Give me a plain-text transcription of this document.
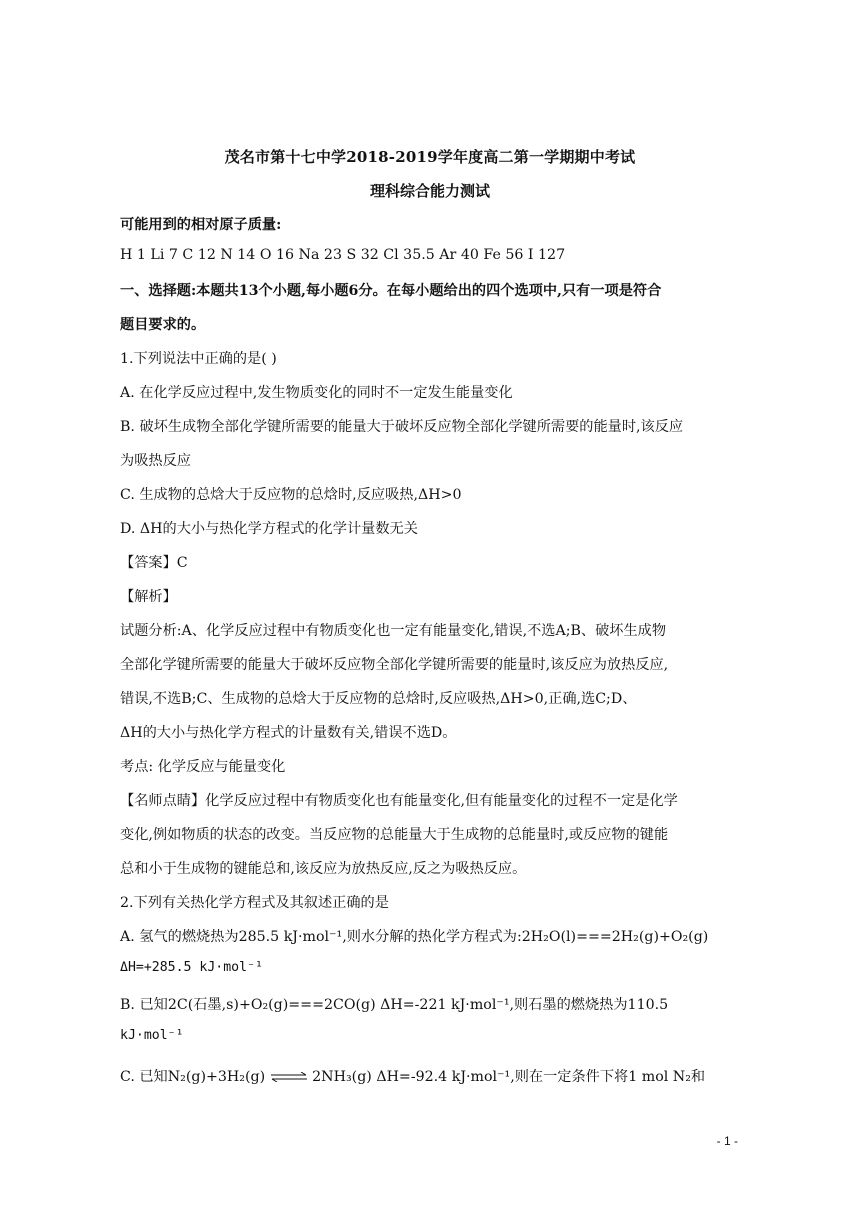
茂名市第十七中学2018-2019学年度高二第一学期期中考试
理科综合能力测试
可能用到的相对原子质量:
H 1 Li 7 C 12 N 14 O 16 Na 23 S 32 Cl 35.5 Ar 40 Fe 56 I 127
一、选择题:本题共13个小题,每小题6分。在每小题给出的四个选项中,只有一项是符合
题目要求的。
1.下列说法中正确的是( )
A. 在化学反应过程中,发生物质变化的同时不一定发生能量变化
B. 破坏生成物全部化学键所需要的能量大于破坏反应物全部化学键所需要的能量时,该反应
为吸热反应
C. 生成物的总焓大于反应物的总焓时,反应吸热,ΔH>0
D. ΔH的大小与热化学方程式的化学计量数无关
【答案】C
【解析】
试题分析:A、化学反应过程中有物质变化也一定有能量变化,错误,不选A;B、破坏生成物
全部化学键所需要的能量大于破坏反应物全部化学键所需要的能量时,该反应为放热反应,
错误,不选B;C、生成物的总焓大于反应物的总焓时,反应吸热,ΔH>0,正确,选C;D、
ΔH的大小与热化学方程式的计量数有关,错误不选D。
考点: 化学反应与能量变化
【名师点睛】化学反应过程中有物质变化也有能量变化,但有能量变化的过程不一定是化学
变化,例如物质的状态的改变。当反应物的总能量大于生成物的总能量时,或反应物的键能
总和小于生成物的键能总和,该反应为放热反应,反之为吸热反应。
2.下列有关热化学方程式及其叙述正确的是
A. 氢气的燃烧热为285.5 kJ·mol⁻¹,则水分解的热化学方程式为:2H₂O(l)===2H₂(g)+O₂(g)
ΔH=+285.5 kJ·mol⁻¹
B. 已知2C(石墨,s)+O₂(g)===2CO(g) ΔH=-221 kJ·mol⁻¹,则石墨的燃烧热为110.5
kJ·mol⁻¹
C. 已知N₂(g)+3H₂(g) ⇌ 2NH₃(g) ΔH=-92.4 kJ·mol⁻¹,则在一定条件下将1 mol N₂和
- 1 -
